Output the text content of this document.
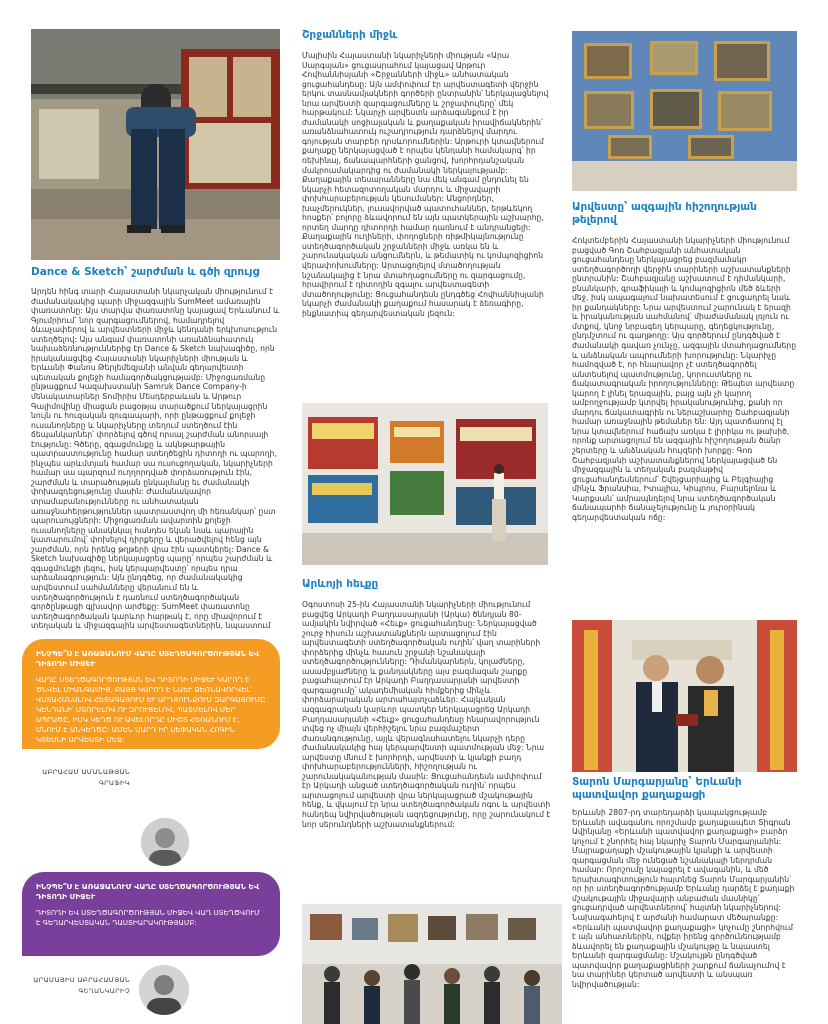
Dance & Sketch՝ շարժման և գծի զրույց
Արդեն հինգ տարի Հայաստանի նկարչական միությունում է ժամանակակից պարի միջազգային SumMeet ամառային փառատոնը: Այս տարվա փառատոնը կայացավ Երևանում և Գյումրիում՝ նոր զարգացումներով, համադրելով ձևաչափերով և արվեստների միջև կենդանի երկխոսություն ստեղծելով: Այս անգամ փառատոնի առանձնահատուկ նախաձեռնություններից էր Dance & Sketch նախագիծը, որն իրականացվեց Հայաստանի նկարիչների միության և Երևանի Փանոս Թերլեմեզյանի անվան գեղարվեստի պետական քոլեջի համագործակցությամբ: Միջոցառմանը ընթացքում Կազախստանի Samruk Dance Company-ի մենակատարներ Տոմիրիս Մեսդերբաևան և Արթուր Գալիմովինը միացան բացօթյա տարածքում ներկայացրին նույն ու հուզական զուգապարի, որի ընթացքում քոլեջի ուսանողները և նկարիչները տեղում ստեղծում էին ճեպանկարներ՝ փորձելով գծով որսալ շարժման անորսալի էությունը: Գծերը, զգացմունքը և ակնթարթային պատրաստությունը համար ստեղծեցին դիտողի ու պարողի, ինչպես արևմտյան համար սա ուսուցողական, նկարիչների համար սա պարզում ուղղորդված փորձառություն էին, շարժման և տարածության ընկալմանը եւ ժամանակի փոխազդեցությունը մասին: Ժամանակավոր տրամաբանությունները ու անհատական առաջնահերթություններ պատրաստվող մի հեռանկար՝ ըստ պարուսույցների: Միջոցառման ավարտին քոլեջի ուսանողները անակնկալ հանդես եկան նաև պարային կատարումով՝ փոխելով դիրքերը և վերածվելով հենց այն շարժման, որն իրենց թղթերի վրա էին պատկերել: Dance & Sketch նախագիծը ներկայացրեց պարը՝ որպես շարժման և զգացմունքի լեզու, իսկ կերպարվեստը՝ որպես դրա արձանագրություն: Այն ընդգծեց, որ ժամանակակից արվեստում սահմանները վերանում են և ստեղծագործություն է դառնում ստեղծագործական գործընթացի գլխավոր արժեքը: SumMeet փառատոնը ստեղծագործական կարևոր հարթակ է, որը միավորում է տեղական և միջազգային արվեստագետներին, նպաստում
ԻՆՉՊԵ՞Ս Է ԱՌԱՋԱՆՈՒՄ ՎԱՂԸ ՍՏԵՂԾԱԳՈՐԾՈՒԹՅԱՆ ԵՎ ԴԻՏՈՂԻ ՄԻՋԵՒ
ՎԱՂԸ ՍՏԵՂԾԱԳՈՐԾՈՒԹՅԱՆ ԵՎ ԴԻՏՈՂԻ ՄԻՋԵՒ ԿԱՐՈՂ Է ԾՆՎԵԼ ՄԻԱՆԳԱՄԻՑ, ԲԱՅՑ ԿԱՐՈՂ Է ՆԱԵՒ ՁԵՌՆԱՎՈՐՎԵԼ՝ ՎՍՏԱՀԱՆԱԼՈՎ ՀԵՏԱԳԱՅՈՒՄ ԵՒ ԱՐԴՅՈՒՆՔՈՒՄ ԶԱՐԳԱՑՈՒՄԸ ԿԵՆԴԱՆԻ՝ ՄՏՈՐԵԼՈՎ ՈՒ ԶՐՈՒՑԵԼՈՎ, ՊԱՏՄԵԼՈՎ ՄԵՐ ԱՊՐԱԾԸ, ԻՍԿ ԿԵՂԾ ՈՒ ԱՎԵԼՈՐԴԸ ՄԻՇՏ ՀԵՌԱՆՈՒՄ Է, ՄՆՈՒՄ Է ԱՆԿԵՂԾԸ: ԱՄԵՆ ՄԱՐԴ ԻՐ ՍԵՓԱԿԱՆ ՀՈԳԻՆ ԿՏԵՍՆԻ ԱՐՎԵՍՏԻ ՄԵՋ:
ԱԲՐԱՀԱՄ ԱՄԱՆԱԹՅԱՆ
ԳՐԱՖԻԿ
ԻՆՉՊԵ՞Ս Է ԱՌԱՋԱՆՈՒՄ ՎԱՂԸ ՍՏԵՂԾԱԳՈՐԾՈՒԹՅԱՆ ԵՎ ԴԻՏՈՂԻ ՄԻՋԵՒ
ԴԻՏՈՂԻ ԵՎ ՍՏԵՂԾԱԳՈՐԾՈՒԹՅԱՆ ՄԻՋԵՎ ՎԱՂ ՍՏԵՂԾՎՈՒՄ Է ԳԵՂԱՐՎԵՍՏԱԿԱՆ ԴԱՍՏԻԱՐԱԿՈՒԹՅԱՄԲ:
ԱՐԱՄԱՅԻՍ ԱԲՐԱՀԱՄՅԱՆ
ԳԵՂԱՆԿԱՐԻՉ
Շրջանների միջև
Մայիսին Հայաստանի նկարիչների միության «Արա Սարգսյան» ցուցասրահում կայացավ Արթուր Հովհաննիսյանի «Շրջանների միջև» անհատական ցուցահանդեսը: Այն ամփոփում էր արվեստագետի վերջին երկու տասնամյակների գործերի ընտրանին՝ ներկայացնելով նրա արվեստի զարգացումները և շրջափուլերը՝ մեկ հարթակում: Նկարչի արվեստն արձագանքում է իր ժամանակի սոցիալական և քաղաքական իրավիճակներին՝ առանձնահատուկ ուշադրություն դարձնելով մարդու գոյության տարբեր դրսևորումներին: Արթուրի կտավներում քաղաքը ներկայացված է որպես կենդանի համակարգ՝ իր ռեխինայ, ճանապարհների ցանցով, խորհրդանշական մակրոամակարդից ու ժամանակի ներկայությամբ: Քաղաքային տեսարանները նա մեկ անգամ ընդունել են նկարչի հետազոտողական մարդու և միջավայրի փոխհարաբերության կեսումաներ: Անցորդներ, խաչմերուկներ, լուսավորված պատուհաններ, երթևեկող հոսքեր՝ բոլորը ձևավորում են այն պատկերային աշխարհը, որտեղ մարդը դիտորդի համար դառնում է անդրանցելի: Քաղաքային ուղիների, փողոցների ռիթմիկայնությունը ստեղծագործական շրջանների միջև առկա են և շարունակական անցումներն, և թեմատիկ ու կոմպոզիցիոն վերափոխումները: Արտացոլելով մտածողության նշանակալից է նրա մտահղացումները ու զարգացումը, հրավիրում է դիտողին զգալու արվեստագետի մտածողությունը: Ցուցահանդեսն ընդգծեց Հովհաննիսյանի նկարչի ժամանակի քաղաքում հասարակ է ձեռագիրը, ինքնատիպ գեղարվեստական լեզուն:
Արևոյի հեւքը
Օգոստոսի 25-ին Հայաստանի նկարիչների միությունում բացվեց Արկադի Բաղդասարյանի (Արկա) ծննդյան 80-ամյակին նվիրված «Հեւք» ցուցահանդեսը: Ներկայացված շուրջ հիսուն աշխատանքներն արտացոլում էին արվեստագետի ստեղծագործական ուղին՝ վաղ տարիների փորձերից մինչև հասուն շրջանի նշանակալի ստեղծագործությունները: Դիմանկարներն, կոլաժները, ասամբլյաժները և քանդակները այս բազմազան շարքը բացահայտում էր Արկադի Բաղդասարյանի արվեստի զարգացումը՝ ակադեմիական հիմքերից մինչև փորձարարական արտահայտչաձևեր: Հայկական ազգագրական կարևոր պատկեր ներկայացրեց Արկադի Բաղդասարյանի «Հեւք» ցուցահանդեսը հնարավորություն տվեց ոչ միայն վերհիշելու նրա բազմաշերտ ժառանգությունը, այլև վերագնահատելու նկարչի դերը ժամանակակից հայ կերպարվեստի պատմության մեջ: Նրա արվեստը մնում է խորհրդի, արվեստի և կյանքի բաղդ փոխհարաբերությունների, հիշողության ու շարունակականության մասին: Ցուցահանդեսն ամփոփում էր Արկադի անցած ստեղծագործական ուղին՝ որպես արտացոլում արվեստի վրա ներկայացրած մշակութային հենք, և վկայում էր նրա ստեղծագործական ոգու և արվեստի հանդեպ նվիրվածության ազդեցությունը, որը շարունակում է նոր սերունդների աշխատանքներում:
Արվեստը՝ ազգային հիշողության թելերով
Հոկտեմբերին Հայաստանի նկարիչների միությունում բացված Գոռ Շահբազյանի անհատական ցուցահանդեսը ներկայացրեց բազմամակր ստեղծագործողի վերջին տարիների աշխատանքների ընտրանին: Շահբազյանը աշխատում է դիմանկարի, բնանկարի, գրաֆիկայի և կոմպոզիցիոն մեծ ձևերի մեջ, իսկ ապագայում նախատեսում է ցուցադրել նաև իր քանդակները: Նրա արվեստում շարունակ է երազի և իրականության սահմանով՝ միաժամանակ լռյուն ու մտքով, կնոջ նրբագեղ կերպարը, գեղեցկությունը, ընդմշտում ու գաղթողը: Այս գործերում ընդգծված է ժամանակի գավառ չունչը, ազգային մտահղացումները և անձնական ապրումների խորությունը: Նկարիչը համոզված է, որ հնարավոր չէ ստեղծագործել անտեսելով պատմությունը, կորուստները ու ճակատագրական իրողությունները: Թեպետ արվեստը կարող է լինել երազային, բայց այն չի կարող ամբողջությամբ կտրվել իրականությունից, քանի որ մարդու ճակատագրին ու ներաշխարհը Շահբազյանի համար առաջնային թեմաներ են: Այդ պատճառով էլ նրա կտավներում հաճախ առկա է լիրիկա ու թախիծ, որոնք արտացոլում են ազգային հիշողության ծանր շերտերը և անձնական հույզերի խորքը: Գոռ Շահբազյանի աշխատանքներով ներկայացված են միջազգային և տեղական բազմաթիվ ցուցահանդեսներում՝ Շվեյցարիայից և Բելգիայից մինչև Ֆրանսիա, Իտալիա, Կիպրոս, Բարսելոնա և Կարքսան՝ ամրապնդելով նրա ստեղծագործական ճանապարհի ճանաչելությունը և յուրօրինակ գեղարվեստական ոճը:
Տարոն Մարգարյանը՝ Երևանի պատվավոր քաղաքացի
Երևանի 2807-րդ տարեդարձի կապակցությամբ Երևանի ավագանու որոշմամբ քաղաքապետ Տիգրան Ավինյանը «Երևանի պատվավոր քաղաքացի» բարձր կոչում է շնորհել հայ նկարիչ Տարոն Մարգարյանին: Մայրաքաղաքի մշակութային կյանքի և արվեստի զարգացման մեջ ունեցած նշանակալի ներդրման համար: Որոշումը կայացրել է ավագանին, և մեծ երախտագիտություն հայտնեց Տարոն Մարգարյանին՝ որ իր ստեղծագործությամբ Երևանը դարձել է քաղաքի մշակութային միջավայրի անբաժան մասնիկը՝ ցուցադրված արվեստներով՝ հայտնի նկարիչներով: Նախագահելով է արժանի համարատ մեծարանքը: «Երևանի պատվավոր քաղաքացի» կոչումը շնորհվում է այն անհատներին, ովքեր իրենց գործունեությամբ ձևավորել են քաղաքային մշակույթը և նպաստել Երևանի զարգացմանը: Մշակույթն ընդգծված պատվավոր քաղաքացիների շարքում ճանաչումով է նա տարիներ կերտած արվեստի և անսպառ նվիրվածության:
